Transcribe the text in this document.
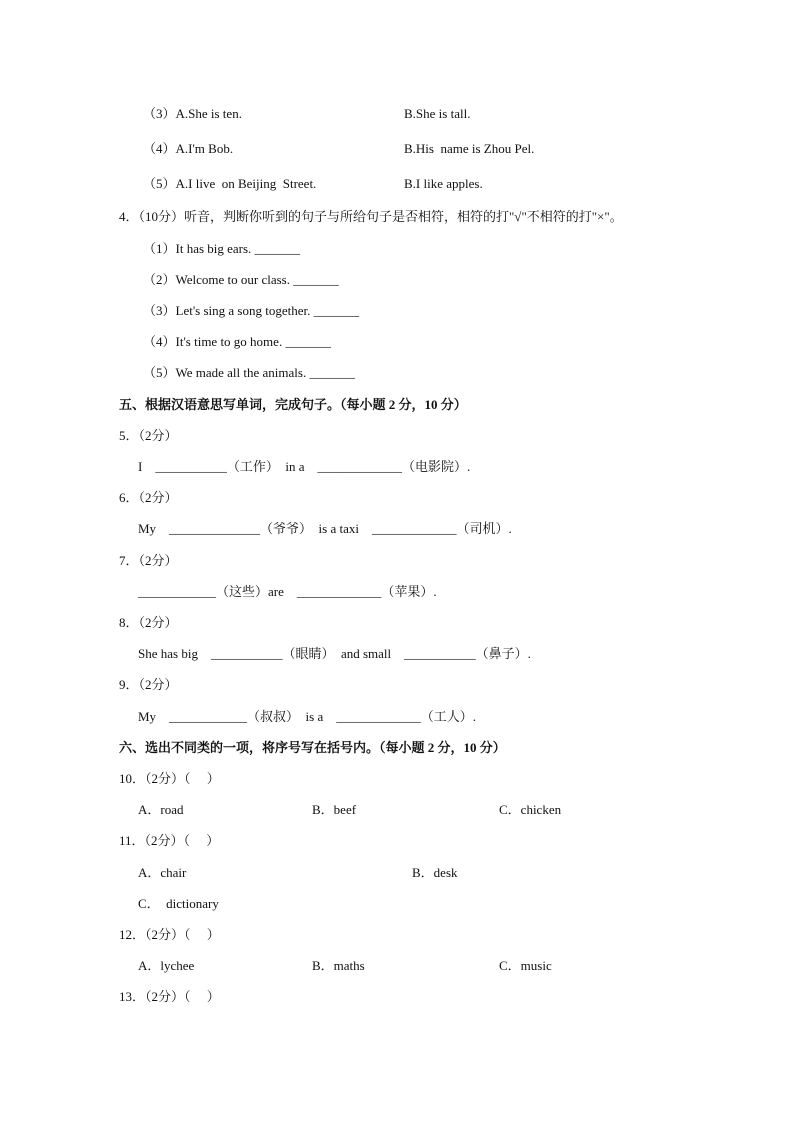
（3）A.She is ten.	B.She is tall.
（4）A.I'm Bob.	B.His  name is Zhou Pel.
（5）A.I live  on Beijing  Street.	B.I like apples.
4．（10分）听音，判断你听到的句子与所给句子是否相符，相符的打"√"不相符的打"×"。
（1）It has big ears. _______
（2）Welcome to our class. _______
（3）Let's sing a song together. _______
（4）It's time to go home. _______
（5）We made all the animals. _______
五、根据汉语意思写单词，完成句子。（每小题 2 分，10 分）
5．（2分）
I    ___________（工作）  in a    _____________（电影院）.
6．（2分）
My    ______________（爷爷）  is a taxi    _____________（司机）.
7．（2分）
____________（这些）are    _____________（苹果）.
8．（2分）
She has big    ___________（眼睛）  and small    ___________（鼻子）.
9．（2分）
My    ____________（叔叔）  is a    _____________（工人）.
六、选出不同类的一项，将序号写在括号内。（每小题 2 分，10 分）
10．（2分）（     ）
A．road	B．beef	C．chicken
11．（2分）（     ）
A．chair	B．desk
C．  dictionary
12．（2分）（     ）
A．lychee	B．maths	C．music
13．（2分）（     ）
